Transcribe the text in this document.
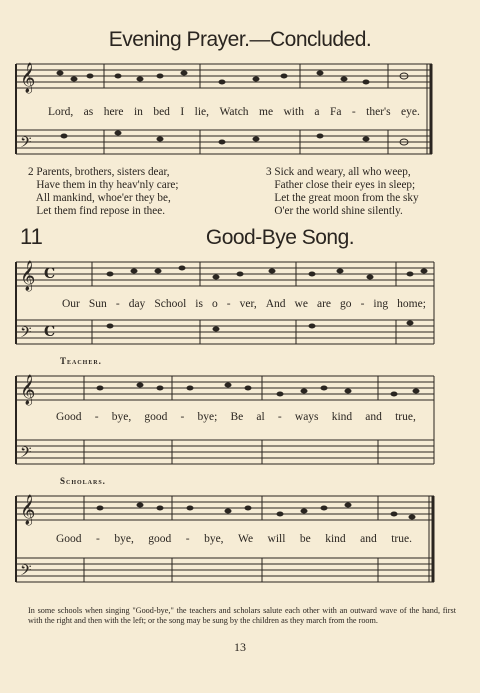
Evening Prayer.—Concluded.
𝄞
𝄢
𝄞
𝄢
𝄞
𝄢
𝄞
𝄢
C
C
Lord, as here in bed I lie, Watch me with a Fa - ther's eye.
2 Parents, brothers, sisters dear,
Have them in thy heav'nly care;
All mankind, whoe'er they be,
Let them find repose in thee.
3 Sick and weary, all who weep,
Father close their eyes in sleep;
Let the great moon from the sky
O'er the world shine silently.
11	Good-Bye Song.
Our Sun - day School is o - ver, And we are go - ing home;
Teacher.
Good - bye, good - bye; Be al - ways kind and true,
Scholars.
Good - bye, good - bye, We will be kind and true.
In some schools when singing "Good-bye," the teachers and scholars salute each other with an outward wave of the hand, first with the right and then with the left; or the song may be sung by the children as they march from the room.
13
